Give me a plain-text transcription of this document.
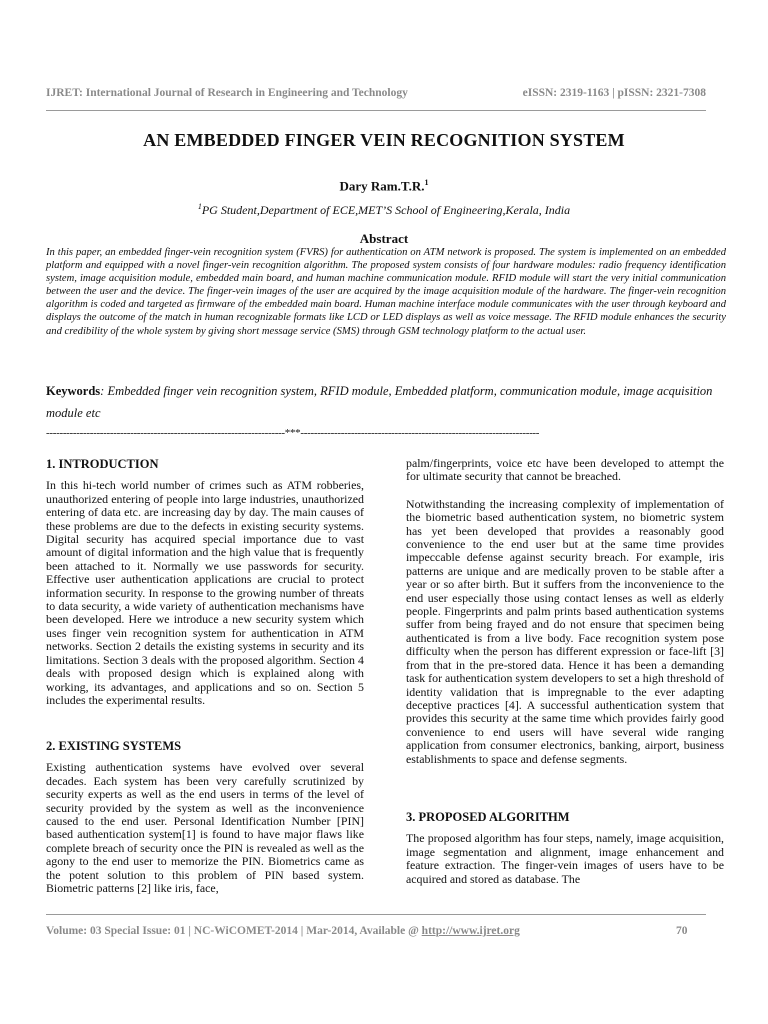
IJRET: International Journal of Research in Engineering and Technology	eISSN: 2319-1163 | pISSN: 2321-7308
AN EMBEDDED FINGER VEIN RECOGNITION SYSTEM
Dary Ram.T.R.$^1$
$^1$PG Student,Department of ECE,MET’S School of Engineering,Kerala, India
Abstract
In this paper, an embedded finger-vein recognition system (FVRS) for authentication on ATM network is proposed. The system is implemented on an embedded platform and equipped with a novel finger-vein recognition algorithm. The proposed system consists of four hardware modules: radio frequency identification system, image acquisition module, embedded main board, and human machine communication module. RFID module will start the very initial communication between the user and the device. The finger-vein images of the user are acquired by the image acquisition module of the hardware. The finger-vein recognition algorithm is coded and targeted as firmware of the embedded main board. Human machine interface module communicates with the user through keyboard and displays the outcome of the match in human recognizable formats like LCD or LED displays as well as voice message. The RFID module enhances the security and credibility of the whole system by giving short message service (SMS) through GSM technology platform to the actual user.
Keywords: Embedded finger vein recognition system, RFID module, Embedded platform, communication module, image acquisition module etc
-----------------------------------------------------------------------***-----------------------------------------------------------------------
1. INTRODUCTION

In this hi-tech world number of crimes such as ATM robberies, unauthorized entering of people into large industries, unauthorized entering of data etc. are increasing day by day. The main causes of these problems are due to the defects in existing security systems. Digital security has acquired special importance due to vast amount of digital information and the high value that is frequently been attached to it. Normally we use passwords for security. Effective user authentication applications are crucial to protect information security. In response to the growing number of threats to data security, a wide variety of authentication mechanisms have been developed. Here we introduce a new security system which uses finger vein recognition system for authentication in ATM networks. Section 2 details the existing systems in security and its limitations. Section 3 deals with the proposed algorithm. Section 4 deals with proposed design which is explained along with working, its advantages, and applications and so on. Section 5 includes the experimental results.

2. EXISTING SYSTEMS

Existing authentication systems have evolved over several decades. Each system has been very carefully scrutinized by security experts as well as the end users in terms of the level of security provided by the system as well as the inconvenience caused to the end user. Personal Identification Number [PIN] based authentication system[1] is found to have major flaws like complete breach of security once the PIN is revealed as well as the agony to the end user to memorize the PIN. Biometrics came as the potent solution to this problem of PIN based system. Biometric patterns [2] like iris, face,

palm/fingerprints, voice etc have been developed to attempt the for ultimate security that cannot be breached.

Notwithstanding the increasing complexity of implementation of the biometric based authentication system, no biometric system has yet been developed that provides a reasonably good convenience to the end user but at the same time provides impeccable defense against security breach. For example, iris patterns are unique and are medically proven to be stable after a year or so after birth. But it suffers from the inconvenience to the end user especially those using contact lenses as well as elderly people. Fingerprints and palm prints based authentication systems suffer from being frayed and do not ensure that specimen being authenticated is from a live body. Face recognition system pose difficulty when the person has different expression or face-lift [3] from that in the pre-stored data. Hence it has been a demanding task for authentication system developers to set a high threshold of identity validation that is impregnable to the ever adapting deceptive practices [4]. A successful authentication system that provides this security at the same time which provides fairly good convenience to end users will have several wide ranging application from consumer electronics, banking, airport, business establishments to space and defense segments.

3. PROPOSED ALGORITHM

The proposed algorithm has four steps, namely, image acquisition, image segmentation and alignment, image enhancement and feature extraction. The finger-vein images of users have to be acquired and stored as database. The

Volume: 03 Special Issue: 01 | NC-WiCOMET-2014 | Mar-2014, Available @ http://www.ijret.org	70
